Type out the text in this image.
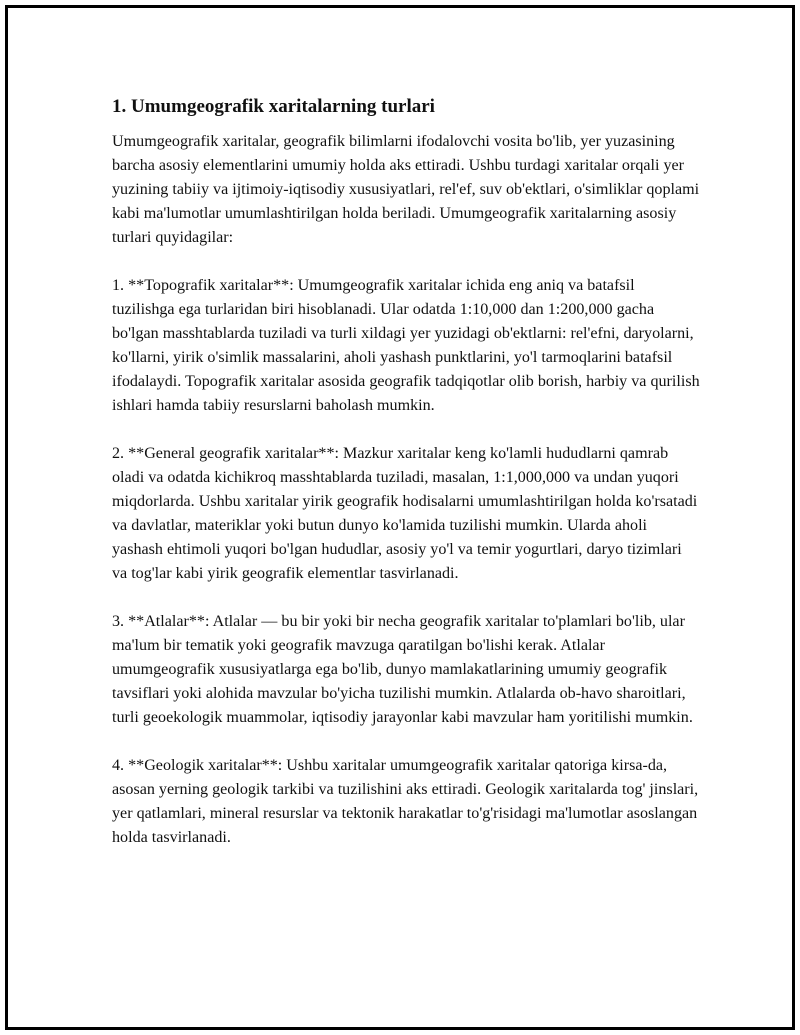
1. Umumgeografik xaritalarning turlari

Umumgeografik xaritalar, geografik bilimlarni ifodalovchi vosita bo'lib, yer yuzasining barcha asosiy elementlarini umumiy holda aks ettiradi. Ushbu turdagi xaritalar orqali yer yuzining tabiiy va ijtimoiy-iqtisodiy xususiyatlari, rel'ef, suv ob'ektlari, o'simliklar qoplami kabi ma'lumotlar umumlashtirilgan holda beriladi. Umumgeografik xaritalarning asosiy turlari quyidagilar:

1. **Topografik xaritalar**: Umumgeografik xaritalar ichida eng aniq va batafsil tuzilishga ega turlaridan biri hisoblanadi. Ular odatda 1:10,000 dan 1:200,000 gacha bo'lgan masshtablarda tuziladi va turli xildagi yer yuzidagi ob'ektlarni: rel'efni, daryolarni, ko'llarni, yirik o'simlik massalarini, aholi yashash punktlarini, yo'l tarmoqlarini batafsil ifodalaydi. Topografik xaritalar asosida geografik tadqiqotlar olib borish, harbiy va qurilish ishlari hamda tabiiy resurslarni baholash mumkin.

2. **General geografik xaritalar**: Mazkur xaritalar keng ko'lamli hududlarni qamrab oladi va odatda kichikroq masshtablarda tuziladi, masalan, 1:1,000,000 va undan yuqori miqdorlarda. Ushbu xaritalar yirik geografik hodisalarni umumlashtirilgan holda ko'rsatadi va davlatlar, materiklar yoki butun dunyo ko'lamida tuzilishi mumkin. Ularda aholi yashash ehtimoli yuqori bo'lgan hududlar, asosiy yo'l va temir yogurtlari, daryo tizimlari va tog'lar kabi yirik geografik elementlar tasvirlanadi.

3. **Atlalar**: Atlalar — bu bir yoki bir necha geografik xaritalar to'plamlari bo'lib, ular ma'lum bir tematik yoki geografik mavzuga qaratilgan bo'lishi kerak. Atlalar umumgeografik xususiyatlarga ega bo'lib, dunyo mamlakatlarining umumiy geografik tavsiflari yoki alohida mavzular bo'yicha tuzilishi mumkin. Atlalarda ob-havo sharoitlari, turli geoekologik muammolar, iqtisodiy jarayonlar kabi mavzular ham yoritilishi mumkin.

4. **Geologik xaritalar**: Ushbu xaritalar umumgeografik xaritalar qatoriga kirsa-da, asosan yerning geologik tarkibi va tuzilishini aks ettiradi. Geologik xaritalarda tog' jinslari, yer qatlamlari, mineral resurslar va tektonik harakatlar to'g'risidagi ma'lumotlar asoslangan holda tasvirlanadi.
